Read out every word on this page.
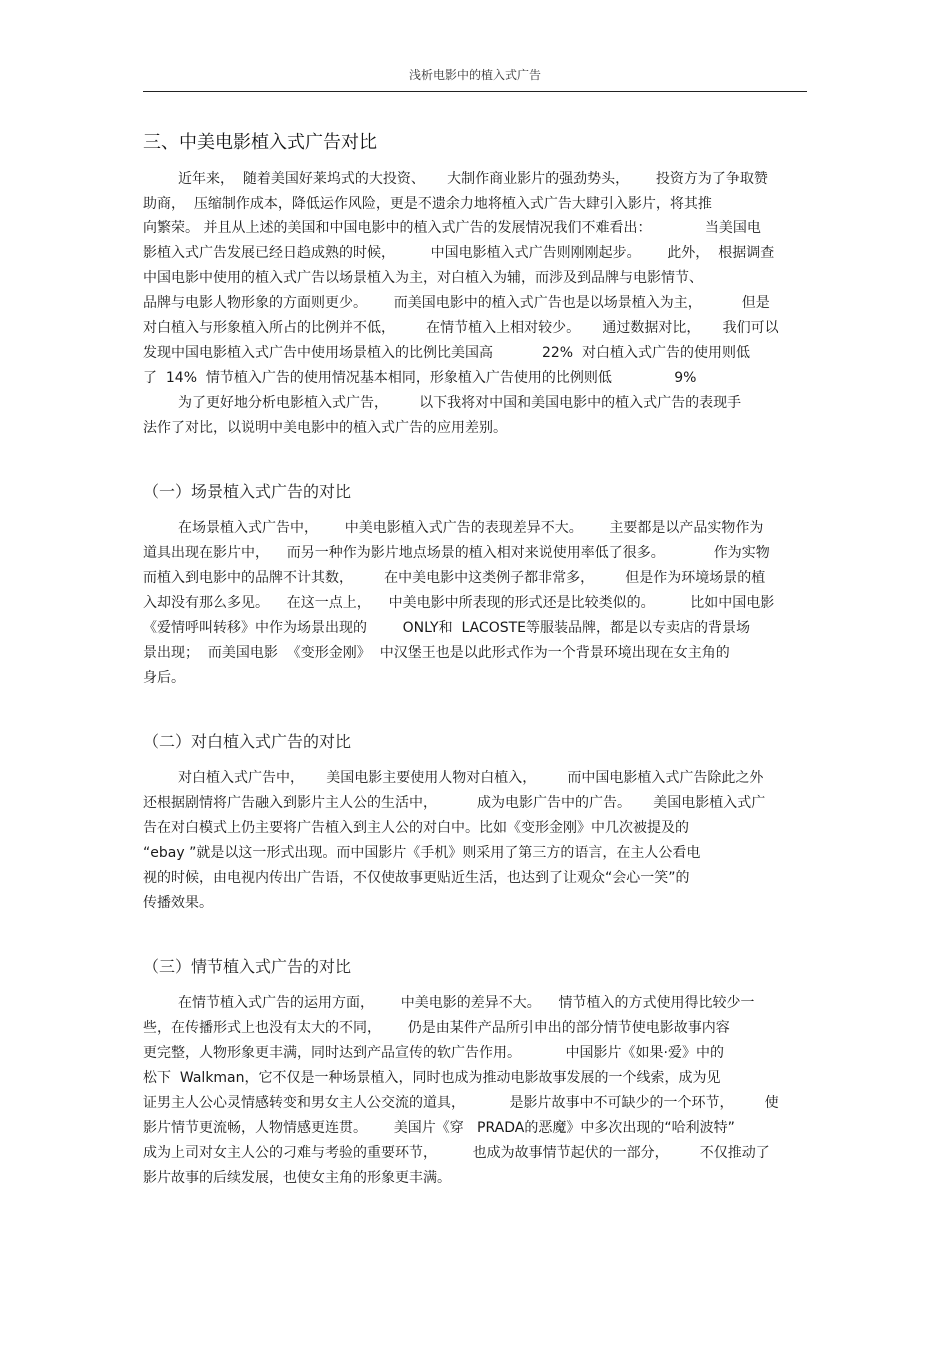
浅析电影中的植入式广告
三、中美电影植入式广告对比
近年来，  随着美国好莱坞式的大投资、     大制作商业影片的强劲势头，      投资方为了争取赞
助商，  压缩制作成本，降低运作风险，更是不遗余力地将植入式广告大肆引入影片，将其推
向繁荣。 并且从上述的美国和中国电影中的植入式广告的发展情况我们不难看出：            当美国电
影植入式广告发展已经日趋成熟的时候，        中国电影植入式广告则刚刚起步。      此外，  根据调查
中国电影中使用的植入式广告以场景植入为主，对白植入为辅，而涉及到品牌与电影情节、
品牌与电影人物形象的方面则更少。      而美国电影中的植入式广告也是以场景植入为主，         但是
对白植入与形象植入所占的比例并不低，       在情节植入上相对较少。     通过数据对比，     我们可以
发现中国电影植入式广告中使用场景植入的比例比美国高           22%  对白植入式广告的使用则低
了  14%  情节植入广告的使用情况基本相同，形象植入广告使用的比例则低              9%
为了更好地分析电影植入式广告，       以下我将对中国和美国电影中的植入式广告的表现手
法作了对比，以说明中美电影中的植入式广告的应用差别。
（一）场景植入式广告的对比
在场景植入式广告中，      中美电影植入式广告的表现差异不大。      主要都是以产品实物作为
道具出现在影片中，    而另一种作为影片地点场景的植入相对来说使用率低了很多。           作为实物
而植入到电影中的品牌不计其数，       在中美电影中这类例子都非常多，       但是作为环境场景的植
入却没有那么多见。    在这一点上，    中美电影中所表现的形式还是比较类似的。        比如中国电影
《爱情呼叫转移》中作为场景出现的        ONLY和  LACOSTE等服装品牌，都是以专卖店的背景场
景出现；  而美国电影  《变形金刚》  中汉堡王也是以此形式作为一个背景环境出现在女主角的
身后。
（二）对白植入式广告的对比
对白植入式广告中，     美国电影主要使用人物对白植入，       而中国电影植入式广告除此之外
还根据剧情将广告融入到影片主人公的生活中，         成为电影广告中的广告。     美国电影植入式广
告在对白模式上仍主要将广告植入到主人公的对白中。比如《变形金刚》中几次被提及的
“ebay ”就是以这一形式出现。而中国影片《手机》则采用了第三方的语言，在主人公看电
视的时候，由电视内传出广告语，不仅使故事更贴近生活，也达到了让观众“会心一笑”的
传播效果。
（三）情节植入式广告的对比
在情节植入式广告的运用方面，      中美电影的差异不大。    情节植入的方式使用得比较少一
些，在传播形式上也没有太大的不同，      仍是由某件产品所引申出的部分情节使电影故事内容
更完整，人物形象更丰满，同时达到产品宣传的软广告作用。          中国影片《如果·爱》中的
松下  Walkman，它不仅是一种场景植入，同时也成为推动电影故事发展的一个线索，成为见
证男主人公心灵情感转变和男女主人公交流的道具，          是影片故事中不可缺少的一个环节，       使
影片情节更流畅，人物情感更连贯。      美国片《穿   PRADA的恶魔》中多次出现的“哈利波特”
成为上司对女主人公的刁难与考验的重要环节，        也成为故事情节起伏的一部分，       不仅推动了
影片故事的后续发展，也使女主角的形象更丰满。
